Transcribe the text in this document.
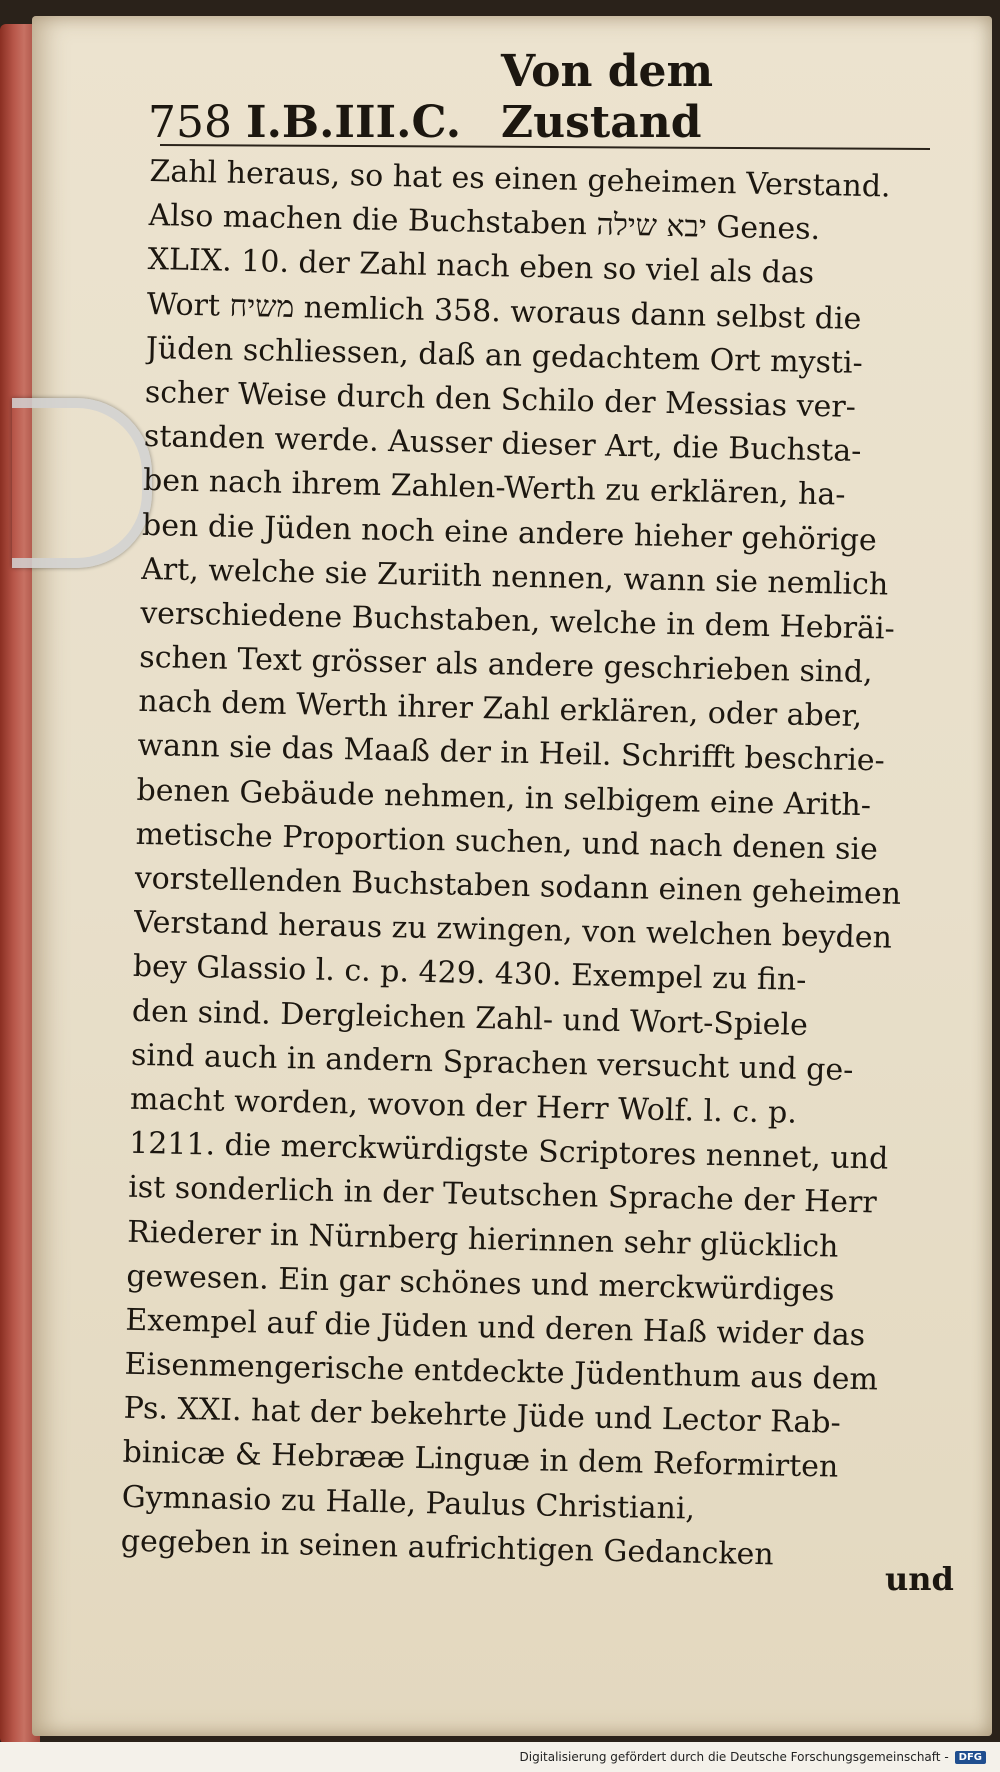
758 I.B.III.C.
Von dem Zustand
Zahl heraus, so hat es einen geheimen Verstand.
Also machen die Buchstaben יבא שילה Genes.
XLIX. 10. der Zahl nach eben so viel als das
Wort משיח nemlich 358. woraus dann selbst die
Jüden schliessen, daß an gedachtem Ort mysti-
scher Weise durch den Schilo der Messias ver-
standen werde. Ausser dieser Art, die Buchsta-
ben nach ihrem Zahlen-Werth zu erklären, ha-
ben die Jüden noch eine andere hieher gehörige
Art, welche sie Zuriith nennen, wann sie nemlich
verschiedene Buchstaben, welche in dem Hebräi-
schen Text grösser als andere geschrieben sind,
nach dem Werth ihrer Zahl erklären, oder aber,
wann sie das Maaß der in Heil. Schrifft beschrie-
benen Gebäude nehmen, in selbigem eine Arith-
metische Proportion suchen, und nach denen sie
vorstellenden Buchstaben sodann einen geheimen
Verstand heraus zu zwingen, von welchen beyden
bey Glassio l. c. p. 429. 430. Exempel zu fin-
den sind. Dergleichen Zahl- und Wort-Spiele
sind auch in andern Sprachen versucht und ge-
macht worden, wovon der Herr Wolf. l. c. p.
1211. die merckwürdigste Scriptores nennet, und
ist sonderlich in der Teutschen Sprache der Herr
Riederer in Nürnberg hierinnen sehr glücklich
gewesen. Ein gar schönes und merckwürdiges
Exempel auf die Jüden und deren Haß wider das
Eisenmengerische entdeckte Jüdenthum aus dem
Ps. XXI. hat der bekehrte Jüde und Lector Rab-
binicæ & Hebrææ Linguæ in dem Reformirten
Gymnasio zu Halle, Paulus Christiani,
gegeben in seinen aufrichtigen Gedancken
und
Digitalisierung gefördert durch die Deutsche Forschungsgemeinschaft -	DFG
